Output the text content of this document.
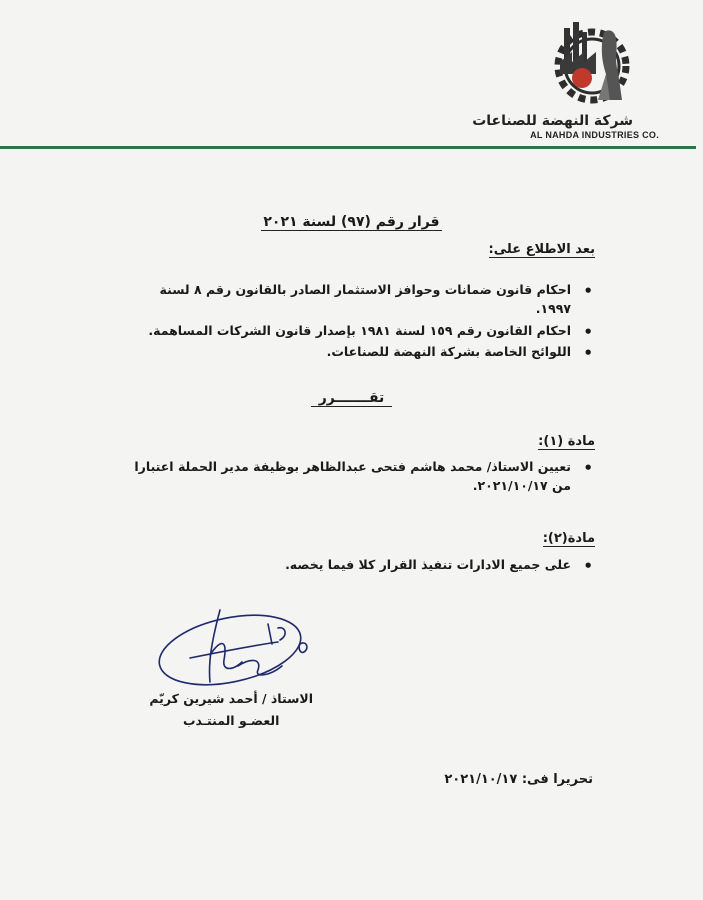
شركة النهضة للصناعات
AL NAHDA INDUSTRIES CO.
قرار رقم (٩٧) لسنة ٢٠٢١
بعد الاطلاع على:
• احكام قانون ضمانات وحوافز الاستثمار الصادر بالقانون رقم ٨ لسنة ١٩٩٧.
• احكام القانون رقم ١٥٩ لسنة ١٩٨١ بإصدار قانون الشركات المساهمة.
• اللوائح الخاصة بشركة النهضة للصناعات.
تقـــــــرر
مادة (١):
• تعيين الاستاذ/ محمد هاشم فتحى عبدالظاهر بوظيفة مدير الحملة اعتبارا من ٢٠٢١/١٠/١٧.
مادة(٢):
• على جميع الادارات تنفيذ القرار كلا فيما يخصه.
الاستاذ / أحمد شيرين كريّم
العضـو المنتـدب
تحريرا فى: ٢٠٢١/١٠/١٧
